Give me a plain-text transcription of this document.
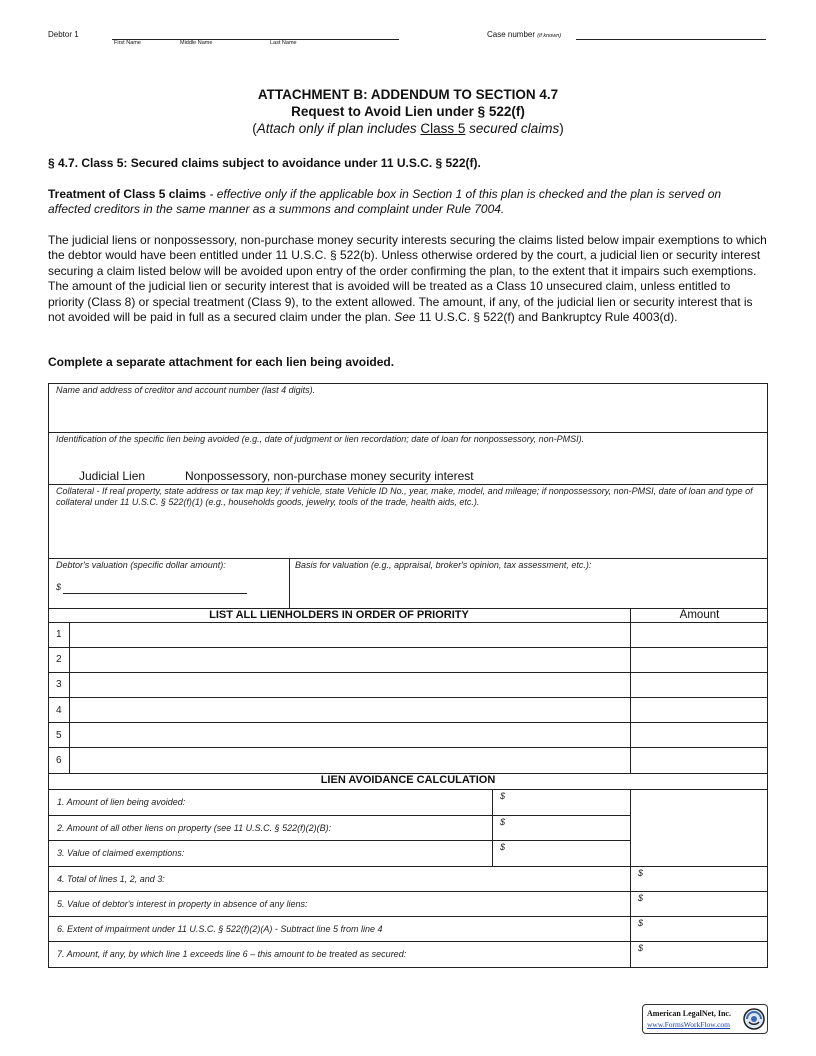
Debtor 1
First Name	Middle Name	Last Name
Case number (if known)
ATTACHMENT B: ADDENDUM TO SECTION 4.7
Request to Avoid Lien under § 522(f)
(Attach only if plan includes Class 5 secured claims)
§ 4.7. Class 5: Secured claims subject to avoidance under 11 U.S.C. § 522(f).
Treatment of Class 5 claims - effective only if the applicable box in Section 1 of this plan is checked and the plan is served on affected creditors in the same manner as a summons and complaint under Rule 7004.
The judicial liens or nonpossessory, non-purchase money security interests securing the claims listed below impair exemptions to which the debtor would have been entitled under 11 U.S.C. § 522(b). Unless otherwise ordered by the court, a judicial lien or security interest securing a claim listed below will be avoided upon entry of the order confirming the plan, to the extent that it impairs such exemptions. The amount of the judicial lien or security interest that is avoided will be treated as a Class 10 unsecured claim, unless entitled to priority (Class 8) or special treatment (Class 9), to the extent allowed. The amount, if any, of the judicial lien or security interest that is not avoided will be paid in full as a secured claim under the plan. See 11 U.S.C. § 522(f) and Bankruptcy Rule 4003(d).
Complete a separate attachment for each lien being avoided.
Name and address of creditor and account number (last 4 digits).
Identification of the specific lien being avoided (e.g., date of judgment or lien recordation; date of loan for nonpossessory, non-PMSI).
Judicial Lien	Nonpossessory, non-purchase money security interest
Collateral - If real property, state address or tax map key; if vehicle, state Vehicle ID No., year, make, model, and mileage; if nonpossessory, non-PMSI, date of loan and type of collateral under 11 U.S.C. § 522(f)(1) (e.g., households goods, jewelry, tools of the trade, health aids, etc.).
Debtor's valuation (specific dollar amount):
$
Basis for valuation (e.g., appraisal, broker's opinion, tax assessment, etc.):
LIST ALL LIENHOLDERS IN ORDER OF PRIORITY	Amount
1
2
3
4
5
6
LIEN AVOIDANCE CALCULATION
1. Amount of lien being avoided:
$
2. Amount of all other liens on property (see 11 U.S.C. § 522(f)(2)(B):
$
3. Value of claimed exemptions:
$
4. Total of lines 1, 2, and 3:
$
5. Value of debtor's interest in property in absence of any liens:
$
6. Extent of impairment under 11 U.S.C. § 522(f)(2)(A) - Subtract line 5 from line 4
$
7. Amount, if any, by which line 1 exceeds line 6 – this amount to be treated as secured:
$
American LegalNet, Inc.
www.FormsWorkFlow.com
